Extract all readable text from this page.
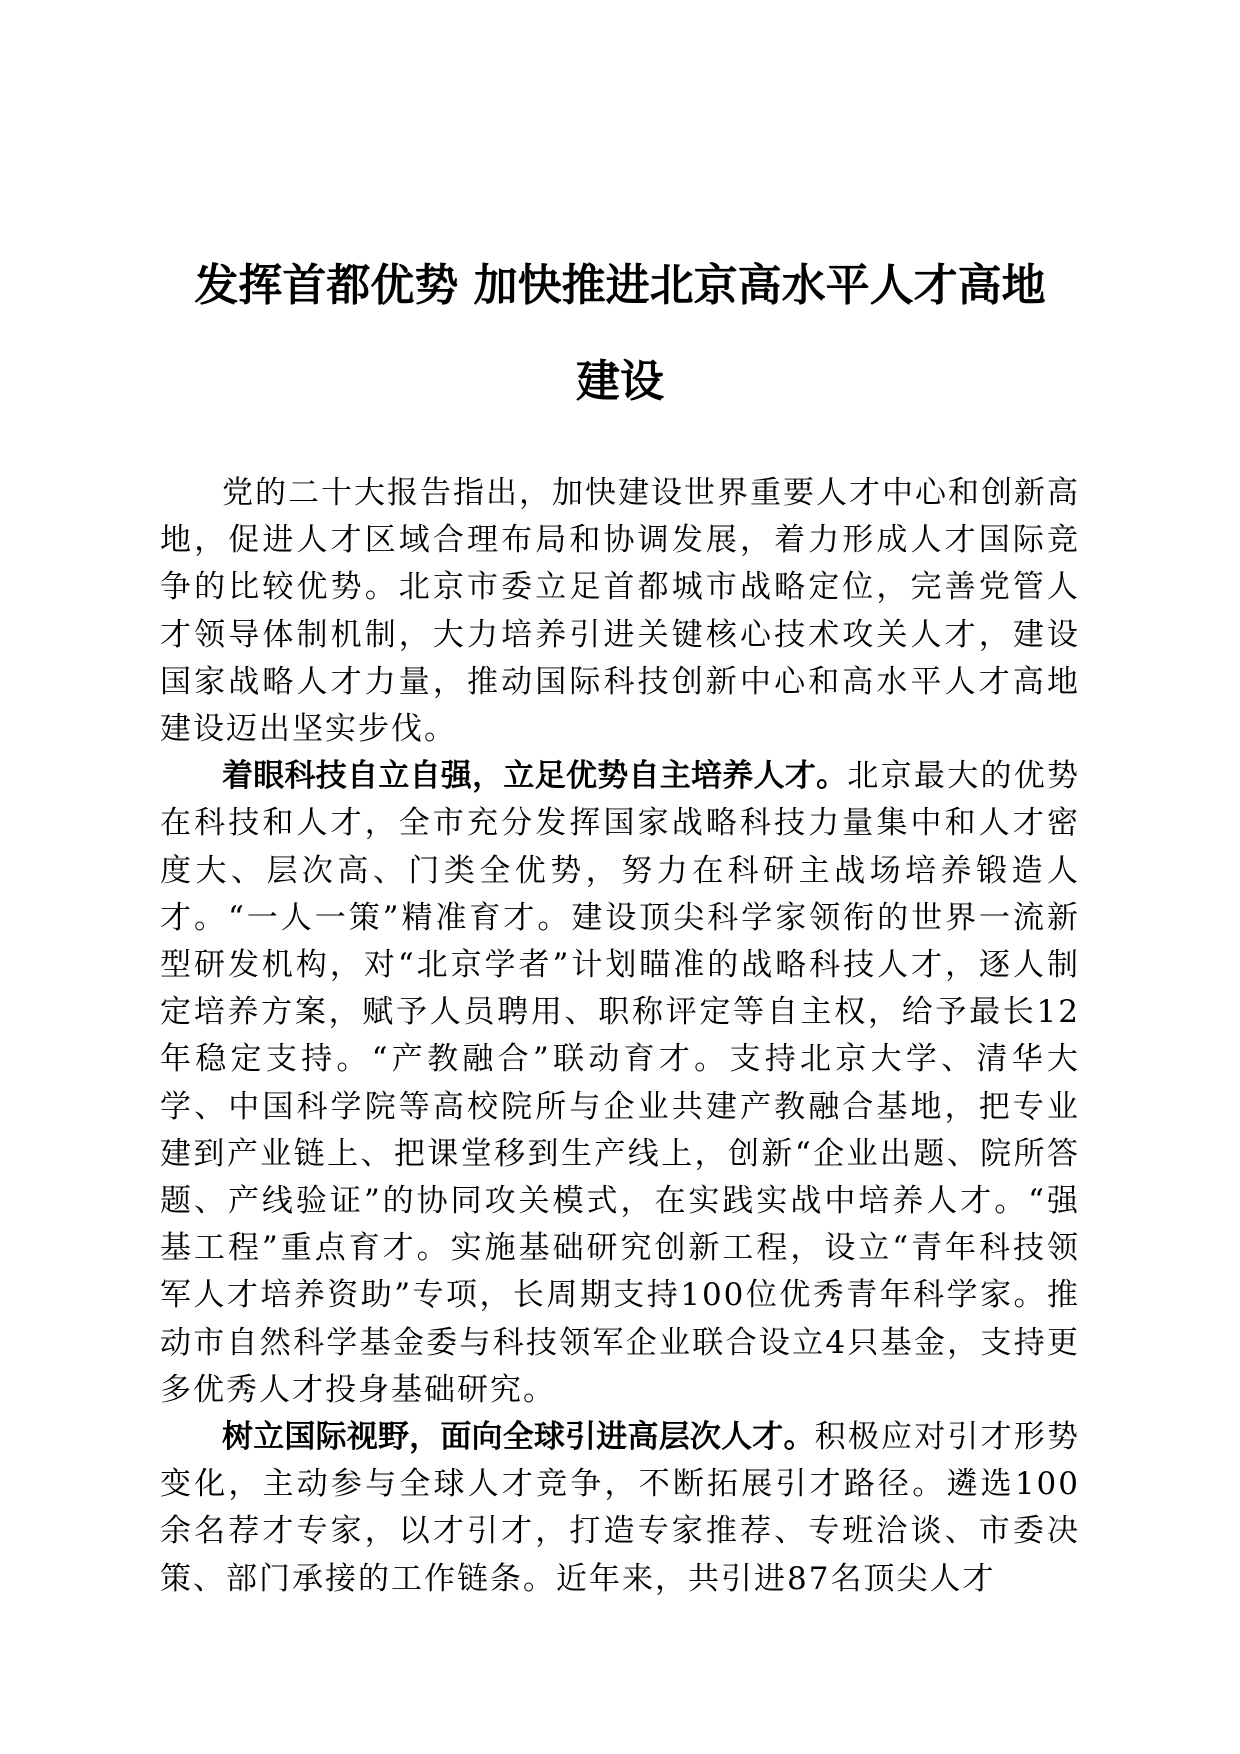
发挥首都优势 加快推进北京高水平人才高地
建设

党的二十大报告指出，加快建设世界重要人才中心和创新高地，促进人才区域合理布局和协调发展，着力形成人才国际竞争的比较优势。北京市委立足首都城市战略定位，完善党管人才领导体制机制，大力培养引进关键核心技术攻关人才，建设国家战略人才力量，推动国际科技创新中心和高水平人才高地建设迈出坚实步伐。

着眼科技自立自强，立足优势自主培养人才。北京最大的优势在科技和人才，全市充分发挥国家战略科技力量集中和人才密度大、层次高、门类全优势，努力在科研主战场培养锻造人才。“一人一策”精准育才。建设顶尖科学家领衔的世界一流新型研发机构，对“北京学者”计划瞄准的战略科技人才，逐人制定培养方案，赋予人员聘用、职称评定等自主权，给予最长12年稳定支持。“产教融合”联动育才。支持北京大学、清华大学、中国科学院等高校院所与企业共建产教融合基地，把专业建到产业链上、把课堂移到生产线上，创新“企业出题、院所答题、产线验证”的协同攻关模式，在实践实战中培养人才。“强基工程”重点育才。实施基础研究创新工程，设立“青年科技领军人才培养资助”专项，长周期支持100位优秀青年科学家。推动市自然科学基金委与科技领军企业联合设立4只基金，支持更多优秀人才投身基础研究。

树立国际视野，面向全球引进高层次人才。积极应对引才形势变化，主动参与全球人才竞争，不断拓展引才路径。遴选100余名荐才专家，以才引才，打造专家推荐、专班洽谈、市委决策、部门承接的工作链条。近年来，共引进87名顶尖人才
